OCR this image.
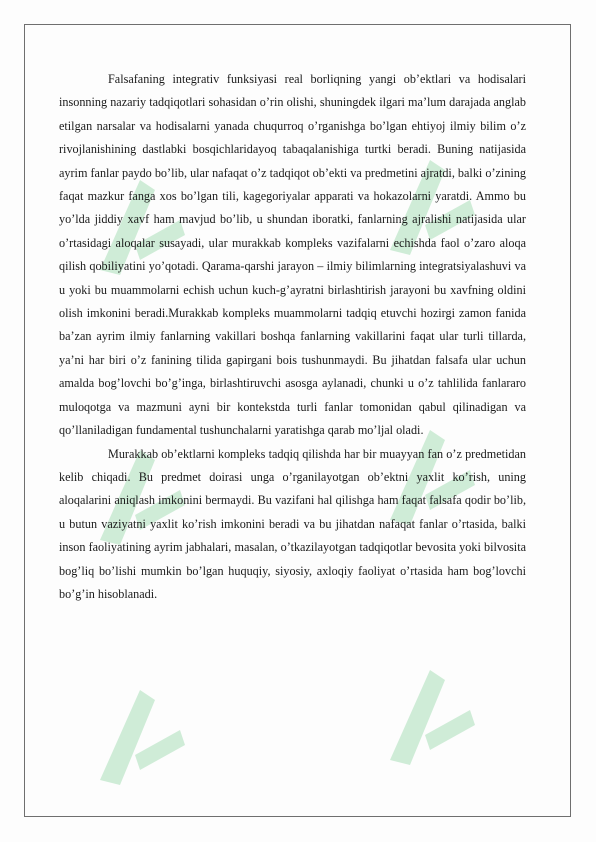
Falsafaning integrativ funksiyasi real borliqning yangi ob’ektlari va hodisalari insonning nazariy tadqiqotlari sohasidan o’rin olishi, shuningdek ilgari ma’lum darajada anglab etilgan narsalar va hodisalarni yanada chuqurroq o’rganishga bo’lgan ehtiyoj ilmiy bilim o’z rivojlanishining dastlabki bosqichlaridayoq tabaqalanishiga turtki beradi. Buning natijasida ayrim fanlar paydo bo’lib, ular nafaqat o’z tadqiqot ob’ekti va predmetini ajratdi, balki o’zining faqat mazkur fanga xos bo’lgan tili, kagegoriyalar apparati va hokazolarni yaratdi. Ammo bu yo’lda jiddiy xavf ham mavjud bo’lib, u shundan iboratki, fanlarning ajralishi natijasida ular o’rtasidagi aloqalar susayadi, ular murakkab kompleks vazifalarni echishda faol o’zaro aloqa qilish qobiliyatini yo’qotadi. Qarama-qarshi jarayon – ilmiy bilimlarning integratsiyalashuvi va u yoki bu muammolarni echish uchun kuch-g’ayratni birlashtirish jarayoni bu xavfning oldini olish imkonini beradi.Murakkab kompleks muammolarni tadqiq etuvchi hozirgi zamon fanida ba’zan ayrim ilmiy fanlarning vakillari boshqa fanlarning vakillarini faqat ular turli tillarda, ya’ni har biri o’z fanining tilida gapirgani bois tushunmaydi. Bu jihatdan falsafa ular uchun amalda bog’lovchi bo’g’inga, birlashtiruvchi asosga aylanadi, chunki u o’z tahlilida fanlararo muloqotga va mazmuni ayni bir kontekstda turli fanlar tomonidan qabul qilinadigan va qo’llaniladigan fundamental tushunchalarni yaratishga qarab mo’ljal oladi.

Murakkab ob’ektlarni kompleks tadqiq qilishda har bir muayyan fan o’z predmetidan kelib chiqadi. Bu predmet doirasi unga o’rganilayotgan ob’ektni yaxlit ko’rish, uning aloqalarini aniqlash imkonini bermaydi. Bu vazifani hal qilishga ham faqat falsafa qodir bo’lib, u butun vaziyatni yaxlit ko’rish imkonini beradi va bu jihatdan nafaqat fanlar o’rtasida, balki inson faoliyatining ayrim jabhalari, masalan, o’tkazilayotgan tadqiqotlar bevosita yoki bilvosita bog’liq bo’lishi mumkin bo’lgan huquqiy, siyosiy, axloqiy faoliyat o’rtasida ham bog’lovchi bo’g’in hisoblanadi.
